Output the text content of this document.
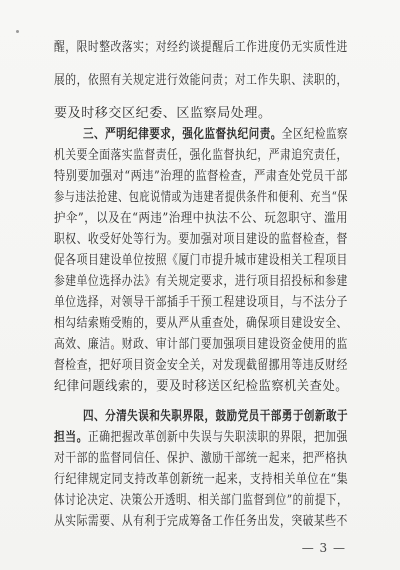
醒，限时整改落实；对经约谈提醒后工作进度仍无实质性进
展的，依照有关规定进行效能问责；对工作失职、渎职的，
要及时移交区纪委、区监察局处理。
三、严明纪律要求，强化监督执纪问责。全区纪检监察
机关要全面落实监督责任，强化监督执纪，严肃追究责任，
特别要加强对“两违”治理的监督检查，严肃查处党员干部
参与违法抢建、包庇说情或为违建者提供条件和便利、充当“保
护伞”，以及在“两违”治理中执法不公、玩忽职守、滥用
职权、收受好处等行为。要加强对项目建设的监督检查，督
促各项目建设单位按照《厦门市提升城市建设相关工程项目
参建单位选择办法》有关规定要求，进行项目招投标和参建
单位选择，对领导干部插手干预工程建设项目，与不法分子
相勾结索贿受贿的，要从严从重查处，确保项目建设安全、
高效、廉洁。财政、审计部门要加强项目建设资金使用的监
督检查，把好项目资金安全关，对发现截留挪用等违反财经
纪律问题线索的，要及时移送区纪检监察机关查处。
四、分清失误和失职界限，鼓励党员干部勇于创新敢于
担当。正确把握改革创新中失误与失职渎职的界限，把加强
对干部的监督同信任、保护、激励干部统一起来，把严格执
行纪律规定同支持改革创新统一起来，支持相关单位在“集
体讨论决定、决策公开透明、相关部门监督到位”的前提下，
从实际需要、从有利于完成筹备工作任务出发，突破某些不
— 3 —
